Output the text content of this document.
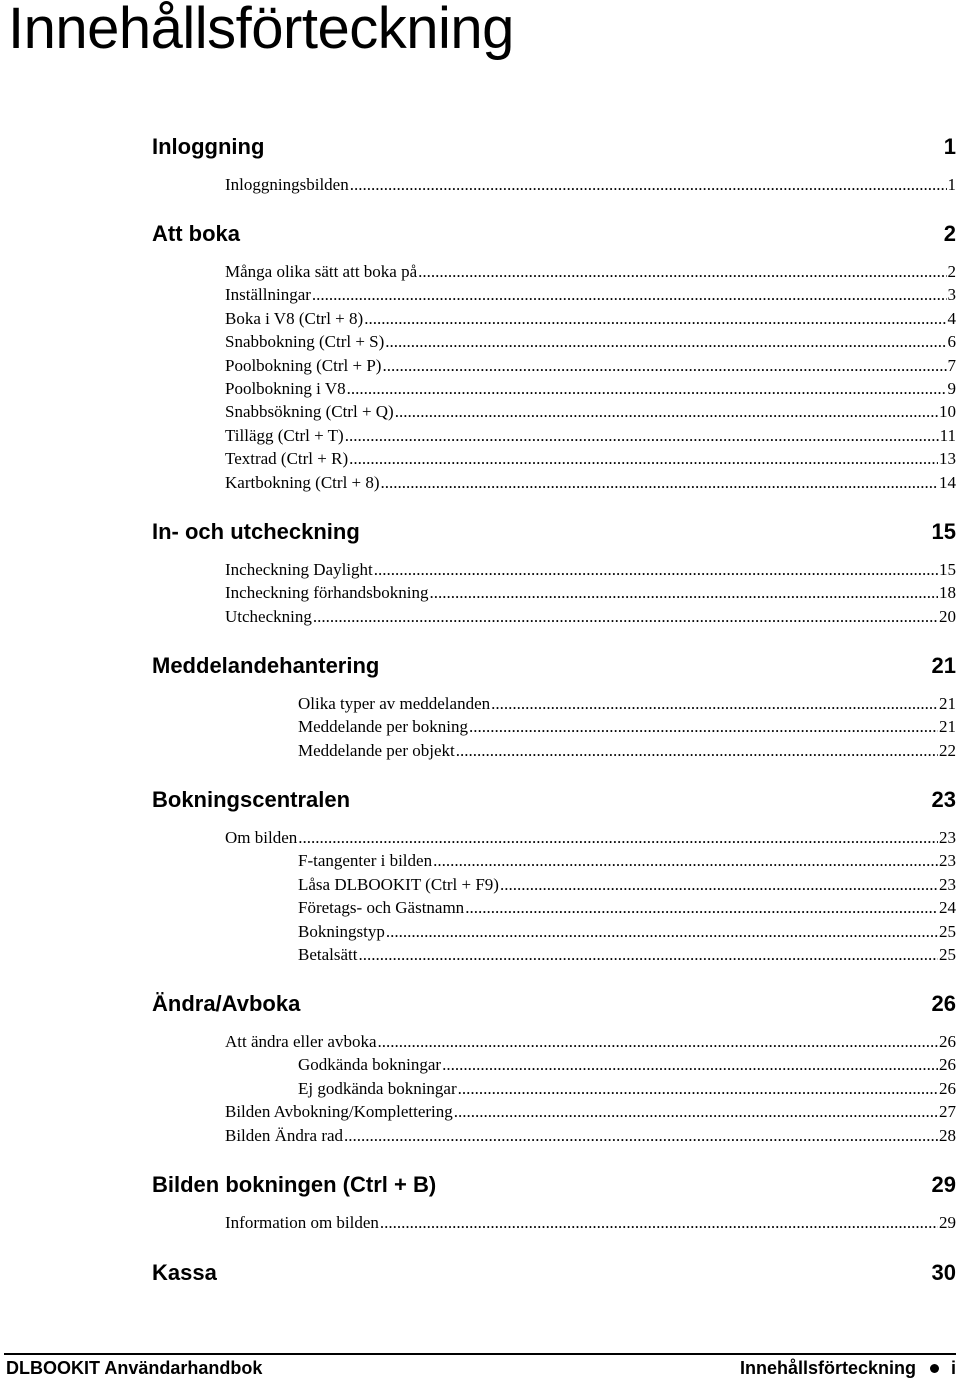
Innehållsförteckning
Inloggning	1
Inloggningsbilden .....	1
Att boka	2
Många olika sätt att boka på .....	2
Inställningar .....	3
Boka i V8 (Ctrl + 8) .....	4
Snabbokning (Ctrl + S) .....	6
Poolbokning (Ctrl + P) .....	7
Poolbokning i V8 .....	9
Snabbsökning (Ctrl + Q) .....	10
Tillägg (Ctrl + T) .....	11
Textrad (Ctrl + R) .....	13
Kartbokning (Ctrl + 8) .....	14
In- och utcheckning	15
Incheckning Daylight .....	15
Incheckning förhandsbokning .....	18
Utcheckning .....	20
Meddelandehantering	21
Olika typer av meddelanden .....	21
Meddelande per bokning .....	21
Meddelande per objekt .....	22
Bokningscentralen	23
Om bilden .....	23
F-tangenter i bilden .....	23
Låsa DLBOOKIT (Ctrl + F9) .....	23
Företags- och Gästnamn .....	24
Bokningstyp .....	25
Betalsätt .....	25
Ändra/Avboka	26
Att ändra eller avboka .....	26
Godkända bokningar .....	26
Ej godkända bokningar .....	26
Bilden Avbokning/Komplettering .....	27
Bilden Ändra rad .....	28
Bilden bokningen (Ctrl + B)	29
Information om bilden .....	29
Kassa	30
DLBOOKIT Användarhandbok	Innehållsförteckning i
